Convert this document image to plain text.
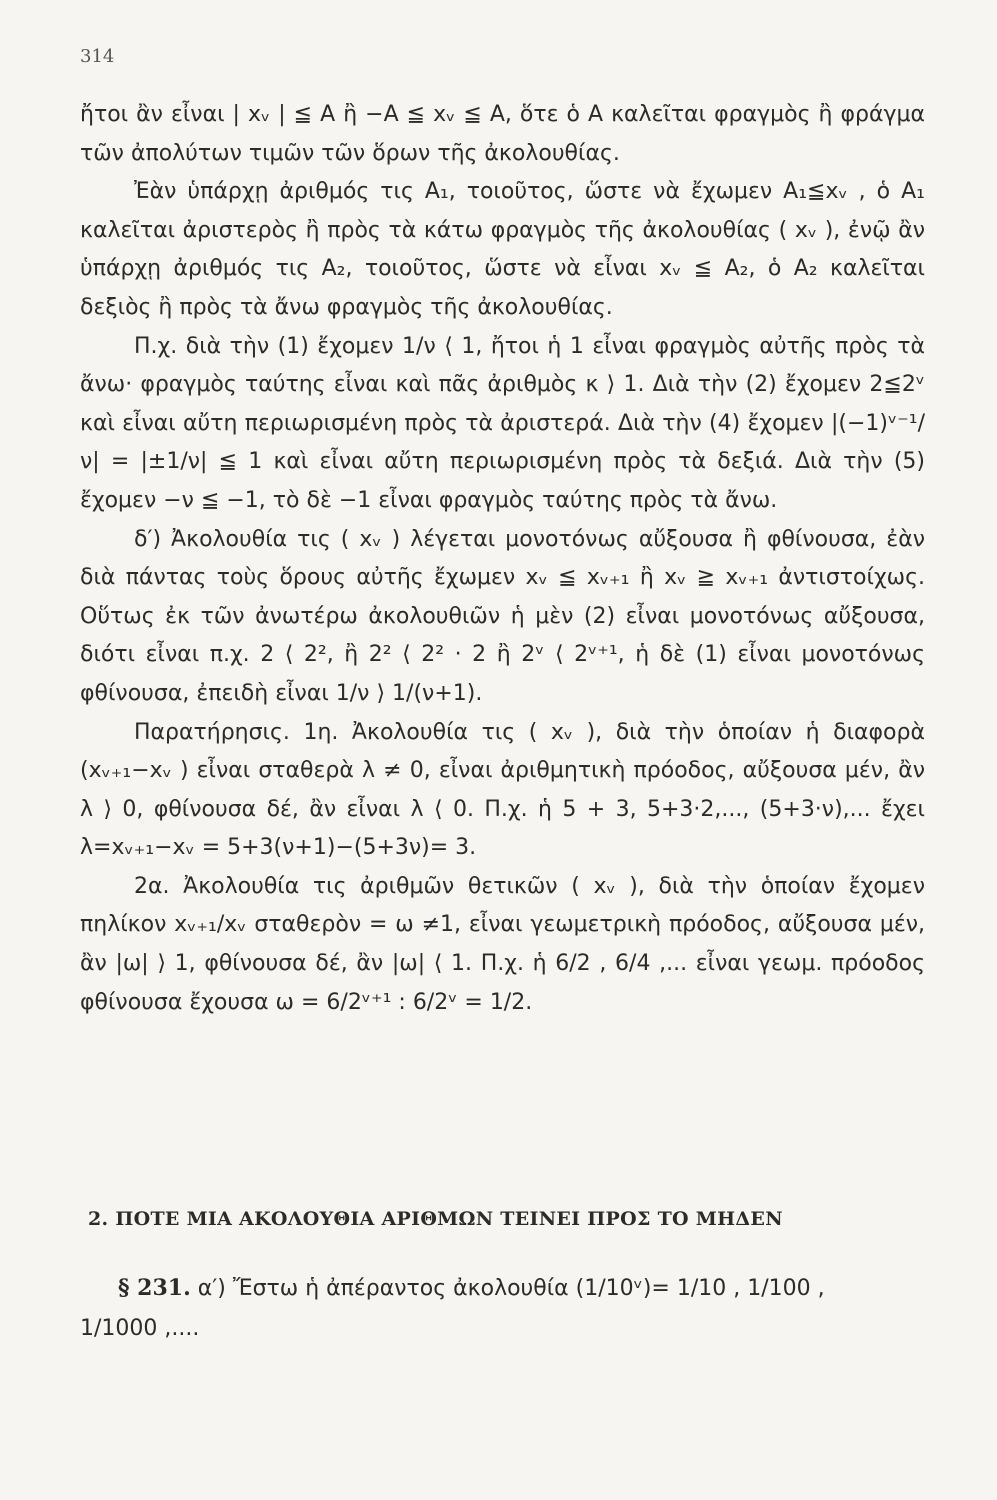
314

ἤτοι ἂν εἶναι | xᵥ | ≦ A ἢ −A ≦ xᵥ ≦ A, ὅτε ὁ A καλεῖται φραγμὸς ἢ φράγμα τῶν ἀπολύτων τιμῶν τῶν ὅρων τῆς ἀκολουθίας.

Ἐὰν ὑπάρχῃ ἀριθμός τις A₁, τοιοῦτος, ὥστε νὰ ἔχωμεν A₁≦xᵥ , ὁ A₁ καλεῖται ἀριστερὸς ἢ πρὸς τὰ κάτω φραγμὸς τῆς ἀκολουθίας ( xᵥ ), ἐνῷ ἂν ὑπάρχῃ ἀριθμός τις A₂, τοιοῦτος, ὥστε νὰ εἶναι xᵥ ≦ A₂, ὁ A₂ καλεῖται δεξιὸς ἢ πρὸς τὰ ἄνω φραγμὸς τῆς ἀκολουθίας.

Π.χ. διὰ τὴν (1) ἔχομεν 1/ν ⟨ 1, ἤτοι ἡ 1 εἶναι φραγμὸς αὐτῆς πρὸς τὰ ἄνω· φραγμὸς ταύτης εἶναι καὶ πᾶς ἀριθμὸς κ ⟩ 1. Διὰ τὴν (2) ἔχομεν 2≦2ᵛ καὶ εἶναι αὔτη περιωρισμένη πρὸς τὰ ἀριστερά. Διὰ τὴν (4) ἔχομεν |(−1)ᵛ⁻¹/ν| = |±1/ν| ≦ 1 καὶ εἶναι αὔτη περιωρισμένη πρὸς τὰ δεξιά. Διὰ τὴν (5) ἔχομεν −ν ≦ −1, τὸ δὲ −1 εἶναι φραγμὸς ταύτης πρὸς τὰ ἄνω.

δ′) Ἀκολουθία τις ( xᵥ ) λέγεται μονοτόνως αὔξουσα ἢ φθίνουσα, ἐὰν διὰ πάντας τοὺς ὅρους αὐτῆς ἔχωμεν xᵥ ≦ xᵥ₊₁ ἢ xᵥ ≧ xᵥ₊₁ ἀντιστοίχως. Οὕτως ἐκ τῶν ἀνωτέρω ἀκολουθιῶν ἡ μὲν (2) εἶναι μονοτόνως αὔξουσα, διότι εἶναι π.χ. 2 ⟨ 2², ἢ 2² ⟨ 2² · 2 ἢ 2ᵛ ⟨ 2ᵛ⁺¹, ἡ δὲ (1) εἶναι μονοτόνως φθίνουσα, ἐπειδὴ εἶναι 1/ν ⟩ 1/(ν+1).

Παρατήρησις. 1η. Ἀκολουθία τις ( xᵥ ), διὰ τὴν ὁποίαν ἡ διαφορὰ (xᵥ₊₁−xᵥ ) εἶναι σταθερὰ λ ≠ 0, εἶναι ἀριθμητικὴ πρόοδος, αὔξουσα μέν, ἂν λ ⟩ 0, φθίνουσα δέ, ἂν εἶναι λ ⟨ 0. Π.χ. ἡ 5 + 3, 5+3·2,..., (5+3·ν),... ἔχει λ=xᵥ₊₁−xᵥ = 5+3(ν+1)−(5+3ν)= 3.

2α. Ἀκολουθία τις ἀριθμῶν θετικῶν ( xᵥ ), διὰ τὴν ὁποίαν ἔχομεν πηλίκον xᵥ₊₁/xᵥ σταθερὸν = ω ≠1, εἶναι γεωμετρικὴ πρόοδος, αὔξουσα μέν, ἂν |ω| ⟩ 1, φθίνουσα δέ, ἂν |ω| ⟨ 1. Π.χ. ἡ 6/2 , 6/4 ,... εἶναι γεωμ. πρόοδος φθίνουσα ἔχουσα ω = 6/2ᵛ⁺¹ : 6/2ᵛ = 1/2.

2. ΠΟΤΕ ΜΙΑ ΑΚΟΛΟΥΘΙΑ ΑΡΙΘΜΩΝ ΤΕΙΝΕΙ ΠΡΟΣ ΤΟ ΜΗΔΕΝ

§ 231. α′) Ἔστω ἡ ἀπέραντος ἀκολουθία (1/10ᵛ)= 1/10 , 1/100 ,

1/1000 ,....
